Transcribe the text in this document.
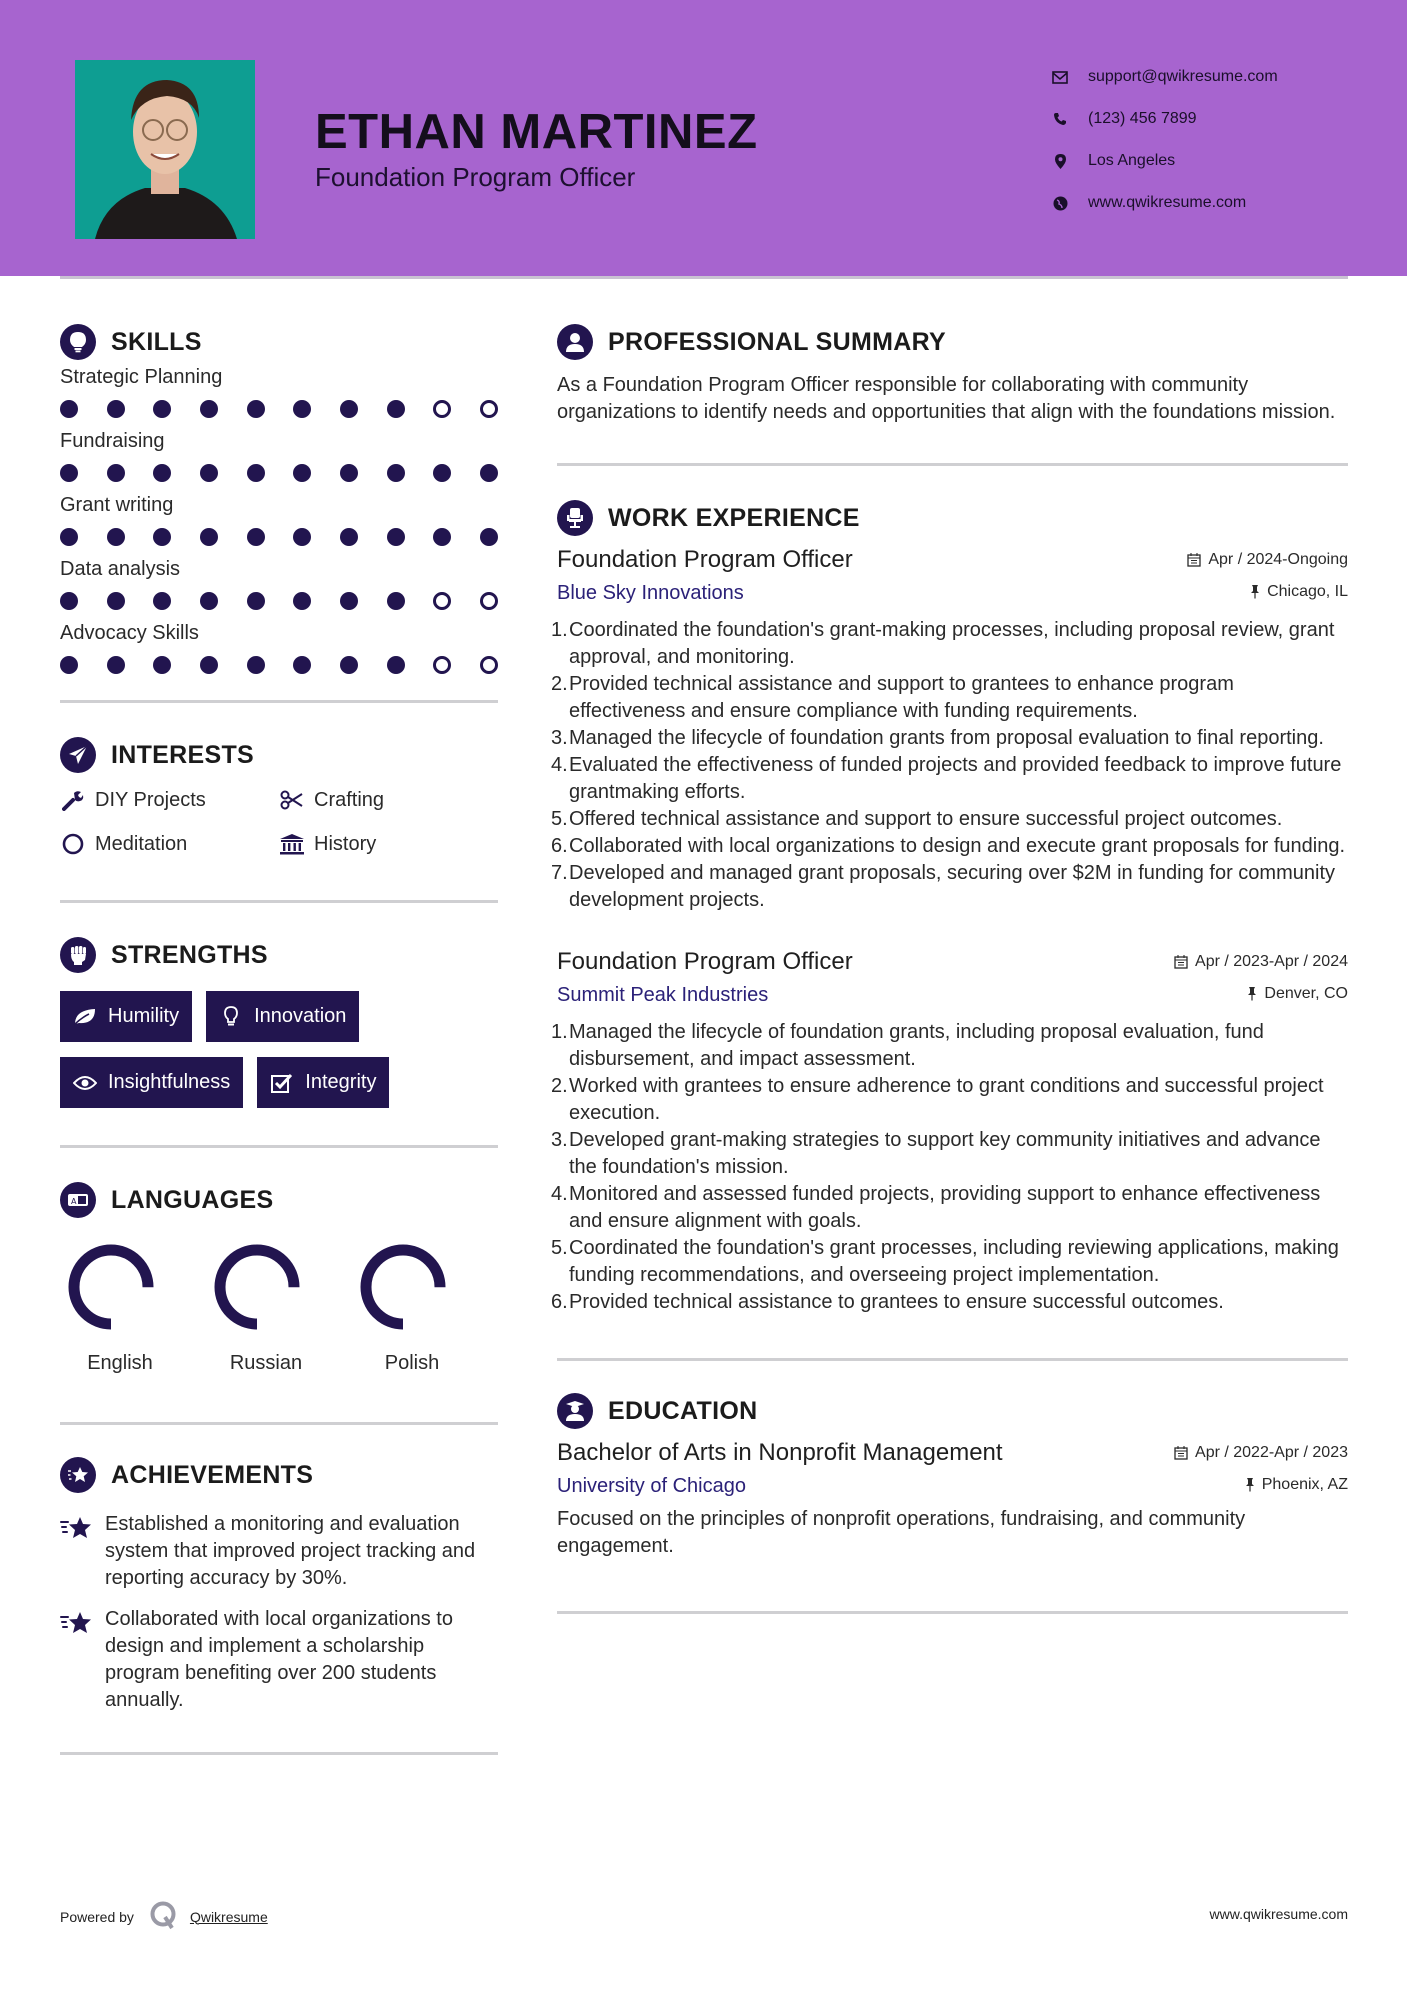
ETHAN MARTINEZ
Foundation Program Officer
support@qwikresume.com
(123) 456 7899
Los Angeles
www.qwikresume.com
SKILLS
Strategic Planning
Fundraising
Grant writing
Data analysis
Advocacy Skills
INTERESTS
DIY Projects	Crafting
Meditation	History
STRENGTHS
Humility	Innovation
Insightfulness	Integrity
A LANGUAGES
English	Russian	Polish
ACHIEVEMENTS
Established a monitoring and evaluation system that improved project tracking and reporting accuracy by 30%.
Collaborated with local organizations to design and implement a scholarship program benefiting over 200 students annually.
PROFESSIONAL SUMMARY

As a Foundation Program Officer responsible for collaborating with community organizations to identify needs and opportunities that align with the foundations mission.

WORK EXPERIENCE
Foundation Program Officer	Apr / 2024-Ongoing
Blue Sky Innovations	Chicago, IL
1. Coordinated the foundation's grant-making processes, including proposal review, grant approval, and monitoring.
2. Provided technical assistance and support to grantees to enhance program effectiveness and ensure compliance with funding requirements.
3. Managed the lifecycle of foundation grants from proposal evaluation to final reporting.
4. Evaluated the effectiveness of funded projects and provided feedback to improve future grantmaking efforts.
5. Offered technical assistance and support to ensure successful project outcomes.
6. Collaborated with local organizations to design and execute grant proposals for funding.
7. Developed and managed grant proposals, securing over $2M in funding for community development projects.
Foundation Program Officer	Apr / 2023-Apr / 2024
Summit Peak Industries	Denver, CO
1. Managed the lifecycle of foundation grants, including proposal evaluation, fund disbursement, and impact assessment.
2. Worked with grantees to ensure adherence to grant conditions and successful project execution.
3. Developed grant-making strategies to support key community initiatives and advance the foundation's mission.
4. Monitored and assessed funded projects, providing support to enhance effectiveness and ensure alignment with goals.
5. Coordinated the foundation's grant processes, including reviewing applications, making funding recommendations, and overseeing project implementation.
6. Provided technical assistance to grantees to ensure successful outcomes.
EDUCATION
Bachelor of Arts in Nonprofit Management	Apr / 2022-Apr / 2023
University of Chicago	Phoenix, AZ

Focused on the principles of nonprofit operations, fundraising, and community engagement.

Powered by	Qwikresume	www.qwikresume.com
